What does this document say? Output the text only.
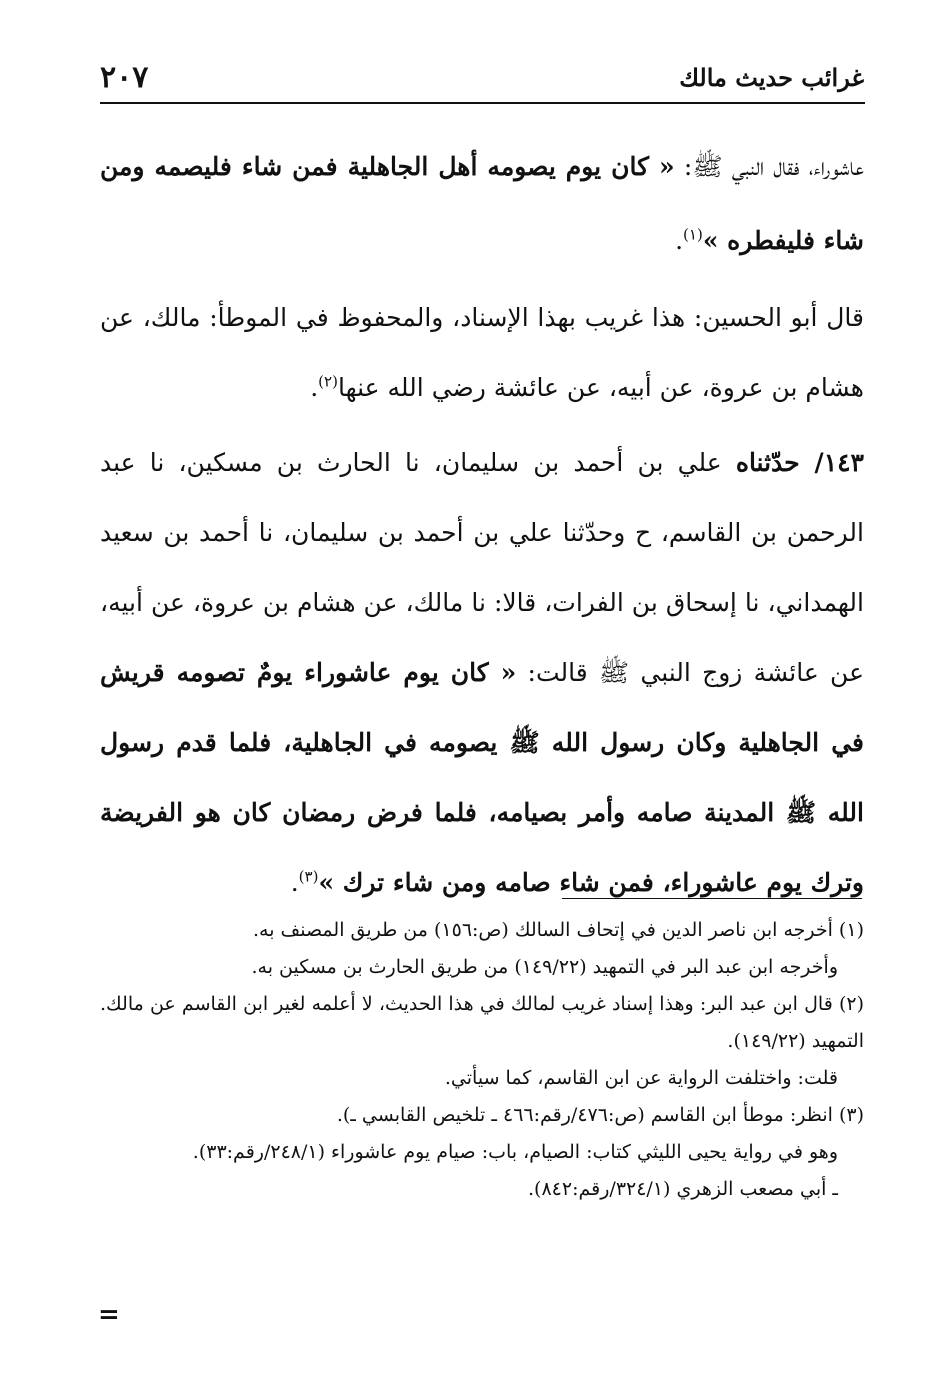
٢٠٧	غرائب حديث مالك

عاشوراء، فقال النبي ﷺ: « كان يوم يصومه أهل الجاهلية فمن شاء فليصمه ومن شاء فليفطره »$^{(١)}$.

قال أبو الحسين: هذا غريب بهذا الإسناد، والمحفوظ في الموطأ: مالك، عن هشام بن عروة، عن أبيه، عن عائشة رضي الله عنها$^{(٢)}$.

١٤٣/ حدّثناه علي بن أحمد بن سليمان، نا الحارث بن مسكين، نا عبد الرحمن بن القاسم، ح وحدّثنا علي بن أحمد بن سليمان، نا أحمد بن سعيد الهمداني، نا إسحاق بن الفرات، قالا: نا مالك، عن هشام بن عروة، عن أبيه، عن عائشة زوج النبي ﷺ قالت: « كان يوم عاشوراء يومٌ تصومه قريش في الجاهلية وكان رسول الله ﷺ يصومه في الجاهلية، فلما قدم رسول الله ﷺ المدينة صامه وأمر بصيامه، فلما فرض رمضان كان هو الفريضة وترك يوم عاشوراء، فمن شاء صامه ومن شاء ترك »$^{(٣)}$.

(١) أخرجه ابن ناصر الدين في إتحاف السالك (ص:١٥٦) من طريق المصنف به.

وأخرجه ابن عبد البر في التمهيد (١٤٩/٢٢) من طريق الحارث بن مسكين به.

(٢) قال ابن عبد البر: وهذا إسناد غريب لمالك في هذا الحديث، لا أعلمه لغير ابن القاسم عن مالك. التمهيد (١٤٩/٢٢).

قلت: واختلفت الرواية عن ابن القاسم، كما سيأتي.

(٣) انظر: موطأ ابن القاسم (ص:٤٧٦/رقم:٤٦٦ ـ تلخيص القابسي ـ).

وهو في رواية يحيى الليثي كتاب: الصيام، باب: صيام يوم عاشوراء (٢٤٨/١/رقم:٣٣).

ـ أبي مصعب الزهري (٣٢٤/١/رقم:٨٤٢).

=
